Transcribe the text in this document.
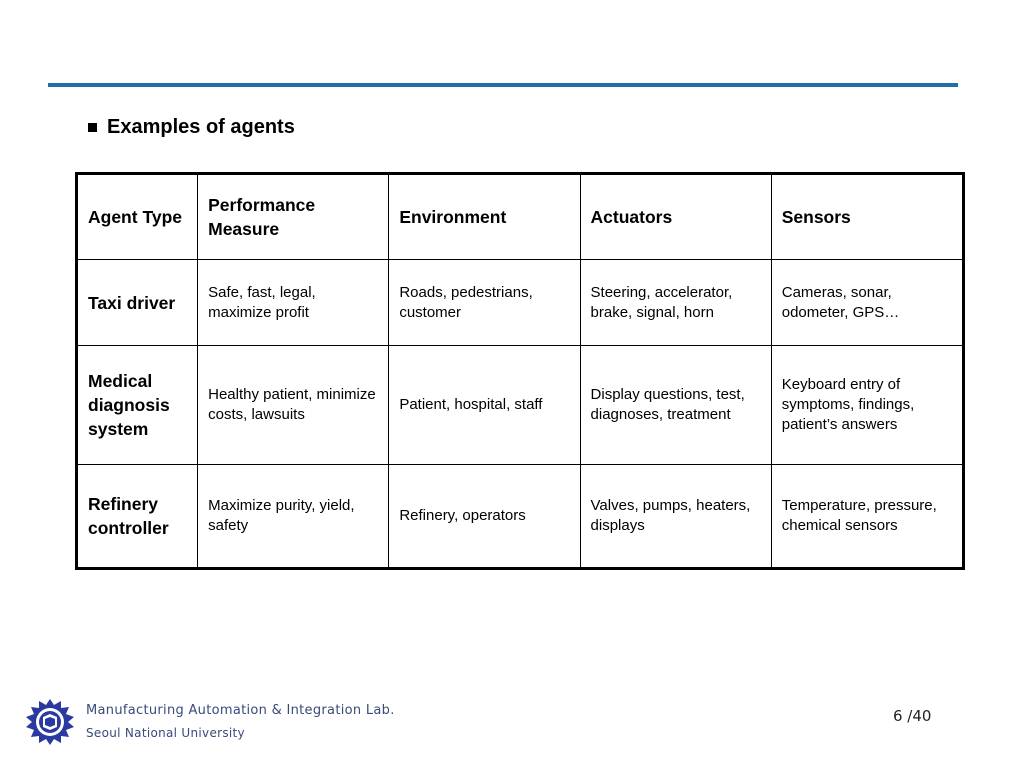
Examples of agents
Agent Type	Performance Measure	Environment	Actuators	Sensors
Taxi driver	Safe, fast, legal, maximize profit	Roads, pedestrians, customer	Steering, accelerator, brake, signal, horn	Cameras, sonar, odometer, GPS…
Medical diagnosis system	Healthy patient, minimize costs, lawsuits	Patient, hospital, staff	Display questions, test, diagnoses, treatment	Keyboard entry of symptoms, findings, patient’s answers
Refinery controller	Maximize purity, yield, safety	Refinery, operators	Valves, pumps, heaters, displays	Temperature, pressure, chemical sensors
Manufacturing Automation & Integration Lab.
Seoul National University
6 /40
